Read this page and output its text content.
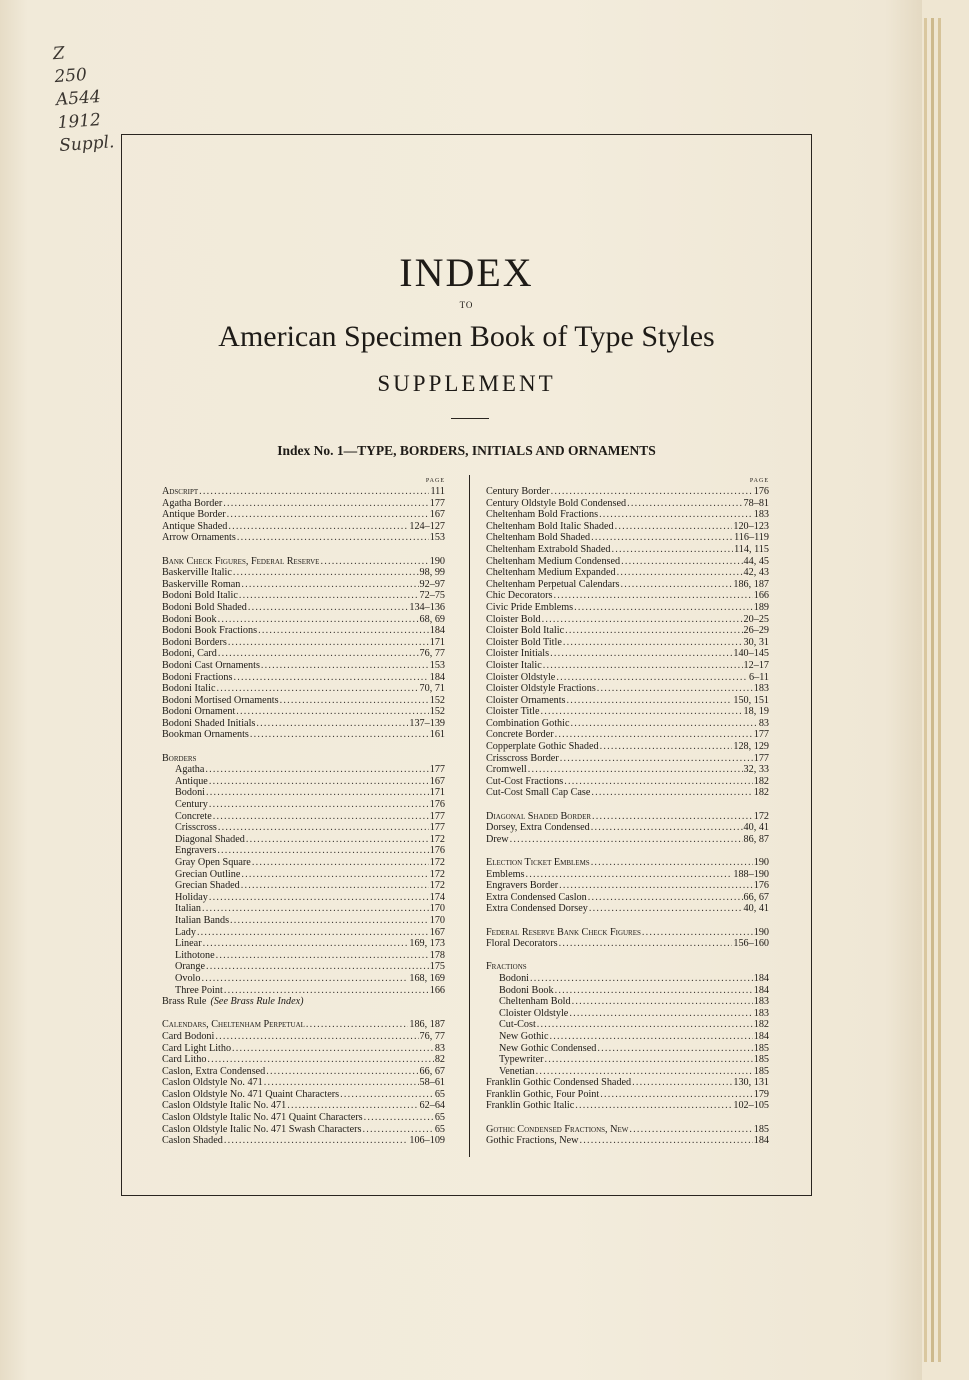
Z
250
A544
1912
Suppl.
INDEX
TO
American Specimen Book of Type Styles
SUPPLEMENT
Index No. 1—TYPE, BORDERS, INITIALS AND ORNAMENTS
PAGE
Adscript .....	111
Agatha Border .....	177
Antique Border .....	167
Antique Shaded .....	124–127
Arrow Ornaments .....	153
Bank Check Figures, Federal Reserve .....	190
Baskerville Italic .....	98, 99
Baskerville Roman .....	92–97
Bodoni Bold Italic .....	72–75
Bodoni Bold Shaded .....	134–136
Bodoni Book .....	68, 69
Bodoni Book Fractions .....	184
Bodoni Borders .....	171
Bodoni, Card .....	76, 77
Bodoni Cast Ornaments .....	153
Bodoni Fractions .....	184
Bodoni Italic .....	70, 71
Bodoni Mortised Ornaments .....	152
Bodoni Ornament .....	152
Bodoni Shaded Initials .....	137–139
Bookman Ornaments .....	161
Borders
Agatha .....	177
Antique .....	167
Bodoni .....	171
Century .....	176
Concrete .....	177
Crisscross .....	177
Diagonal Shaded .....	172
Engravers .....	176
Gray Open Square .....	172
Grecian Outline .....	172
Grecian Shaded .....	172
Holiday .....	174
Italian .....	170
Italian Bands .....	170
Lady .....	167
Linear .....	169, 173
Lithotone .....	178
Orange .....	175
Ovolo .....	168, 169
Three Point .....	166
Brass Rule (See Brass Rule Index)
Calendars, Cheltenham Perpetual .....	186, 187
Card Bodoni .....	76, 77
Card Light Litho .....	83
Card Litho .....	82
Caslon, Extra Condensed .....	66, 67
Caslon Oldstyle No. 471 .....	58–61
Caslon Oldstyle No. 471 Quaint Characters .....	65
Caslon Oldstyle Italic No. 471 .....	62–64
Caslon Oldstyle Italic No. 471 Quaint Characters .....	65
Caslon Oldstyle Italic No. 471 Swash Characters .....	65
Caslon Shaded .....	106–109
PAGE
Century Border .....	176
Century Oldstyle Bold Condensed .....	78–81
Cheltenham Bold Fractions .....	183
Cheltenham Bold Italic Shaded .....	120–123
Cheltenham Bold Shaded .....	116–119
Cheltenham Extrabold Shaded .....	114, 115
Cheltenham Medium Condensed .....	44, 45
Cheltenham Medium Expanded .....	42, 43
Cheltenham Perpetual Calendars .....	186, 187
Chic Decorators .....	166
Civic Pride Emblems .....	189
Cloister Bold .....	20–25
Cloister Bold Italic .....	26–29
Cloister Bold Title .....	30, 31
Cloister Initials .....	140–145
Cloister Italic .....	12–17
Cloister Oldstyle .....	6–11
Cloister Oldstyle Fractions .....	183
Cloister Ornaments .....	150, 151
Cloister Title .....	18, 19
Combination Gothic .....	83
Concrete Border .....	177
Copperplate Gothic Shaded .....	128, 129
Crisscross Border .....	177
Cromwell .....	32, 33
Cut-Cost Fractions .....	182
Cut-Cost Small Cap Case .....	182
Diagonal Shaded Border .....	172
Dorsey, Extra Condensed .....	40, 41
Drew .....	86, 87
Election Ticket Emblems .....	190
Emblems .....	188–190
Engravers Border .....	176
Extra Condensed Caslon .....	66, 67
Extra Condensed Dorsey .....	40, 41
Federal Reserve Bank Check Figures .....	190
Floral Decorators .....	156–160
Fractions
Bodoni .....	184
Bodoni Book .....	184
Cheltenham Bold .....	183
Cloister Oldstyle .....	183
Cut-Cost .....	182
New Gothic .....	184
New Gothic Condensed .....	185
Typewriter .....	185
Venetian .....	185
Franklin Gothic Condensed Shaded .....	130, 131
Franklin Gothic, Four Point .....	179
Franklin Gothic Italic .....	102–105
Gothic Condensed Fractions, New .....	185
Gothic Fractions, New .....	184
